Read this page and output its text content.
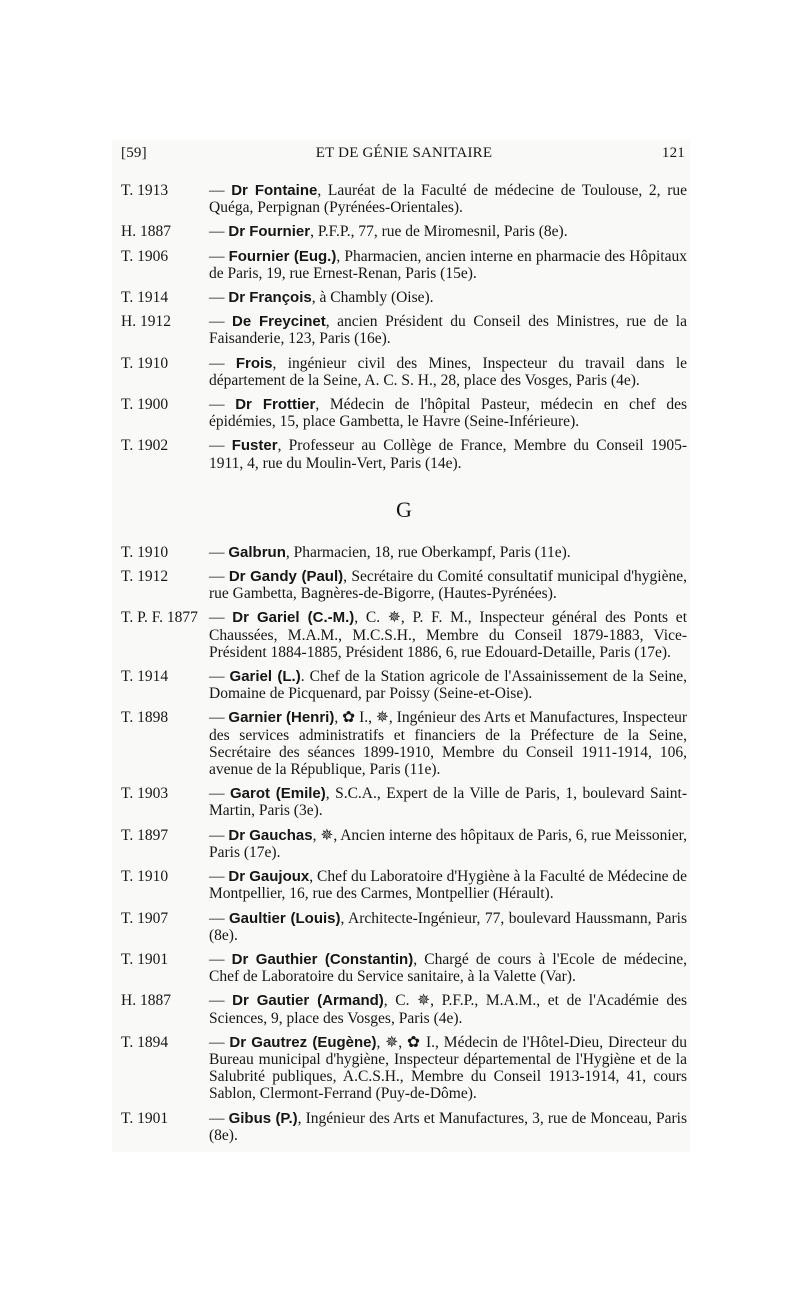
[59]	ET DE GÉNIE SANITAIRE	121
T. 1913	— Dr Fontaine, Lauréat de la Faculté de médecine de Toulouse, 2, rue Quéga, Perpignan (Pyrénées-Orientales).
H. 1887	— Dr Fournier, P.F.P., 77, rue de Miromesnil, Paris (8e).
T. 1906	— Fournier (Eug.), Pharmacien, ancien interne en pharmacie des Hôpitaux de Paris, 19, rue Ernest-Renan, Paris (15e).
T. 1914	— Dr François, à Chambly (Oise).
H. 1912	— De Freycinet, ancien Président du Conseil des Ministres, rue de la Faisanderie, 123, Paris (16e).
T. 1910	— Frois, ingénieur civil des Mines, Inspecteur du travail dans le département de la Seine, A. C. S. H., 28, place des Vosges, Paris (4e).
T. 1900	— Dr Frottier, Médecin de l'hôpital Pasteur, médecin en chef des épidémies, 15, place Gambetta, le Havre (Seine-Inférieure).
T. 1902	— Fuster, Professeur au Collège de France, Membre du Conseil 1905-1911, 4, rue du Moulin-Vert, Paris (14e).
G
T. 1910	— Galbrun, Pharmacien, 18, rue Oberkampf, Paris (11e).
T. 1912	— Dr Gandy (Paul), Secrétaire du Comité consultatif municipal d'hygiène, rue Gambetta, Bagnères-de-Bigorre, (Hautes-Pyrénées).
T. P. F. 1877 — Dr Gariel (C.-M.), C. ✵, P. F. M., Inspecteur général des Ponts et Chaussées, M.A.M., M.C.S.H., Membre du Conseil 1879-1883, Vice-Président 1884-1885, Président 1886, 6, rue Edouard-Detaille, Paris (17e).
T. 1914	— Gariel (L.). Chef de la Station agricole de l'Assainissement de la Seine, Domaine de Picquenard, par Poissy (Seine-et-Oise).
T. 1898	— Garnier (Henri), ✿ I., ✵, Ingénieur des Arts et Manufactures, Inspecteur des services administratifs et financiers de la Préfecture de la Seine, Secrétaire des séances 1899-1910, Membre du Conseil 1911-1914, 106, avenue de la République, Paris (11e).
T. 1903	— Garot (Emile), S.C.A., Expert de la Ville de Paris, 1, boulevard Saint-Martin, Paris (3e).
T. 1897	— Dr Gauchas, ✵, Ancien interne des hôpitaux de Paris, 6, rue Meissonier, Paris (17e).
T. 1910	— Dr Gaujoux, Chef du Laboratoire d'Hygiène à la Faculté de Médecine de Montpellier, 16, rue des Carmes, Montpellier (Hérault).
T. 1907	— Gaultier (Louis), Architecte-Ingénieur, 77, boulevard Haussmann, Paris (8e).
T. 1901	— Dr Gauthier (Constantin), Chargé de cours à l'Ecole de médecine, Chef de Laboratoire du Service sanitaire, à la Valette (Var).
H. 1887	— Dr Gautier (Armand), C. ✵, P.F.P., M.A.M., et de l'Académie des Sciences, 9, place des Vosges, Paris (4e).
T. 1894	— Dr Gautrez (Eugène), ✵, ✿ I., Médecin de l'Hôtel-Dieu, Directeur du Bureau municipal d'hygiène, Inspecteur départemental de l'Hygiène et de la Salubrité publiques, A.C.S.H., Membre du Conseil 1913-1914, 41, cours Sablon, Clermont-Ferrand (Puy-de-Dôme).
T. 1901	— Gibus (P.), Ingénieur des Arts et Manufactures, 3, rue de Monceau, Paris (8e).
